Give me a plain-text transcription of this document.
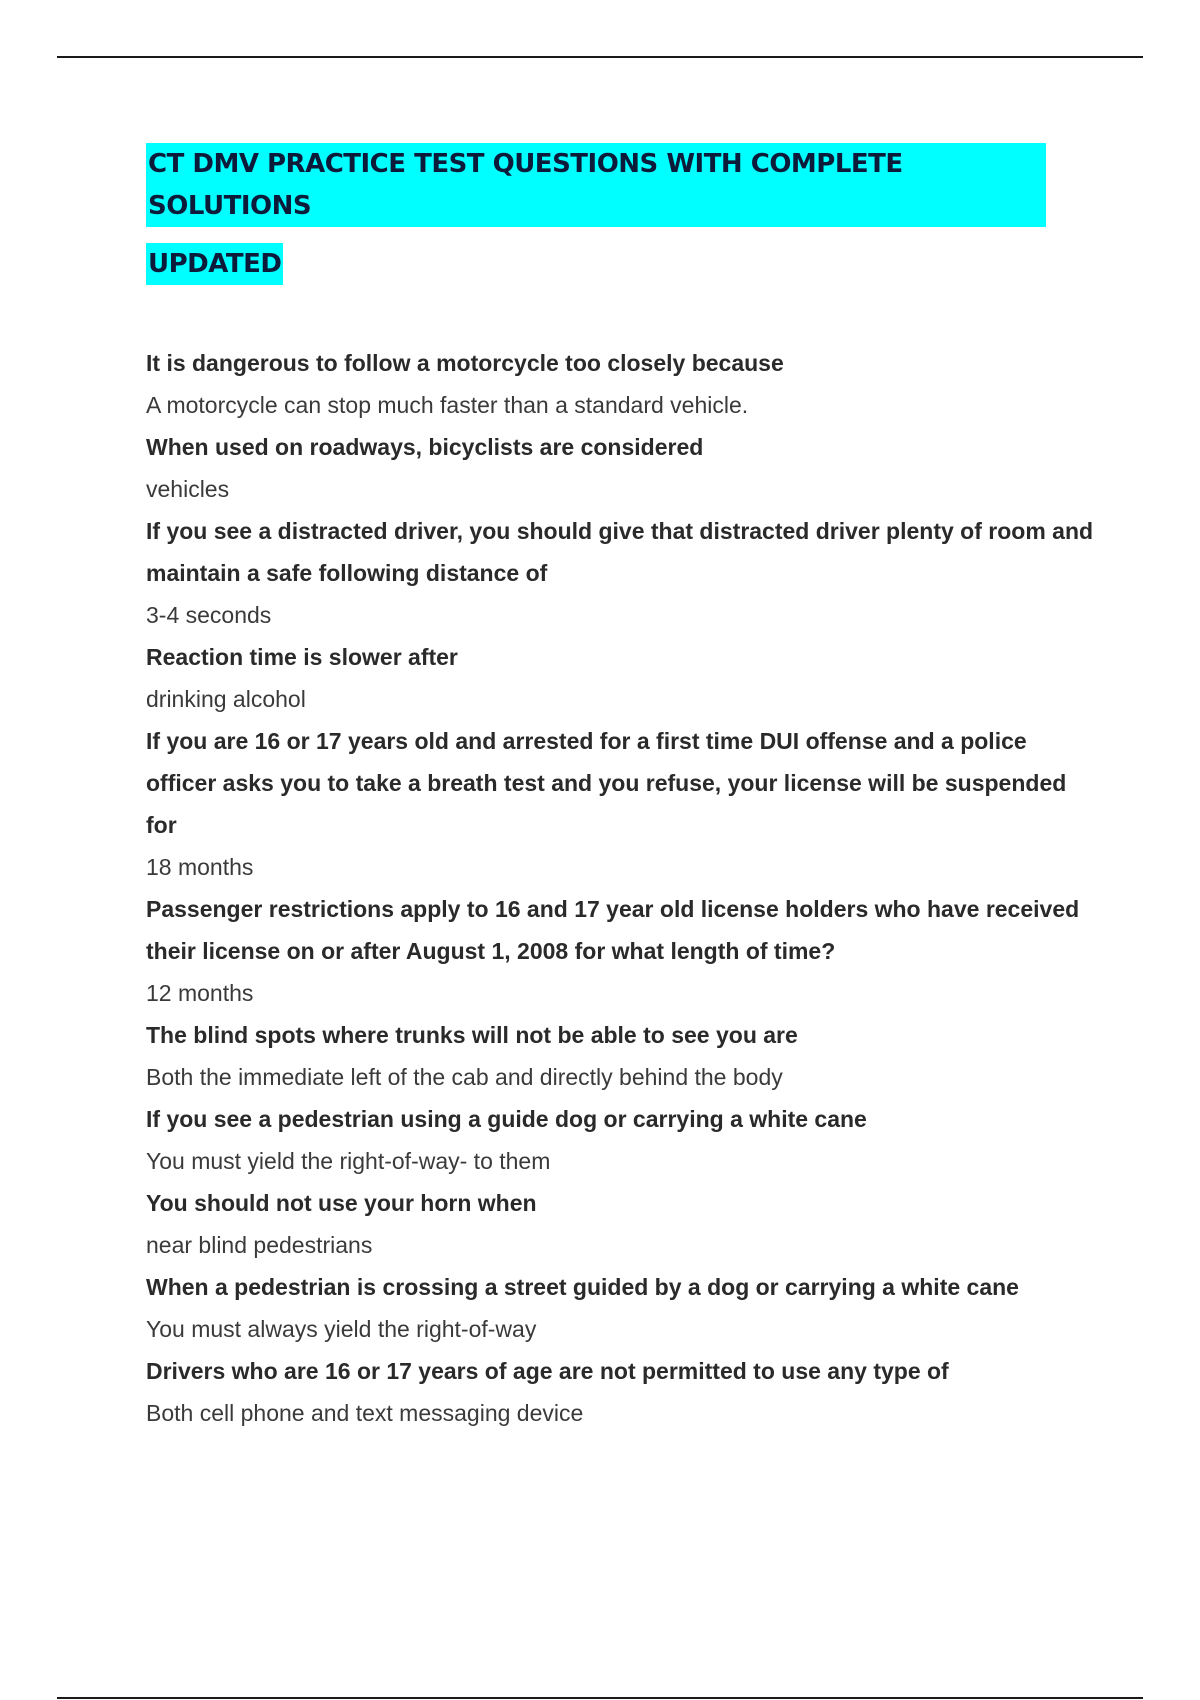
CT DMV PRACTICE TEST QUESTIONS WITH COMPLETE SOLUTIONS
UPDATED

It is dangerous to follow a motorcycle too closely because

A motorcycle can stop much faster than a standard vehicle.

When used on roadways, bicyclists are considered

vehicles

If you see a distracted driver, you should give that distracted driver plenty of room and maintain a safe following distance of

3-4 seconds

Reaction time is slower after

drinking alcohol

If you are 16 or 17 years old and arrested for a first time DUI offense and a police officer asks you to take a breath test and you refuse, your license will be suspended for

18 months

Passenger restrictions apply to 16 and 17 year old license holders who have received their license on or after August 1, 2008 for what length of time?

12 months

The blind spots where trunks will not be able to see you are

Both the immediate left of the cab and directly behind the body

If you see a pedestrian using a guide dog or carrying a white cane

You must yield the right-of-way- to them

You should not use your horn when

near blind pedestrians

When a pedestrian is crossing a street guided by a dog or carrying a white cane

You must always yield the right-of-way

Drivers who are 16 or 17 years of age are not permitted to use any type of

Both cell phone and text messaging device
